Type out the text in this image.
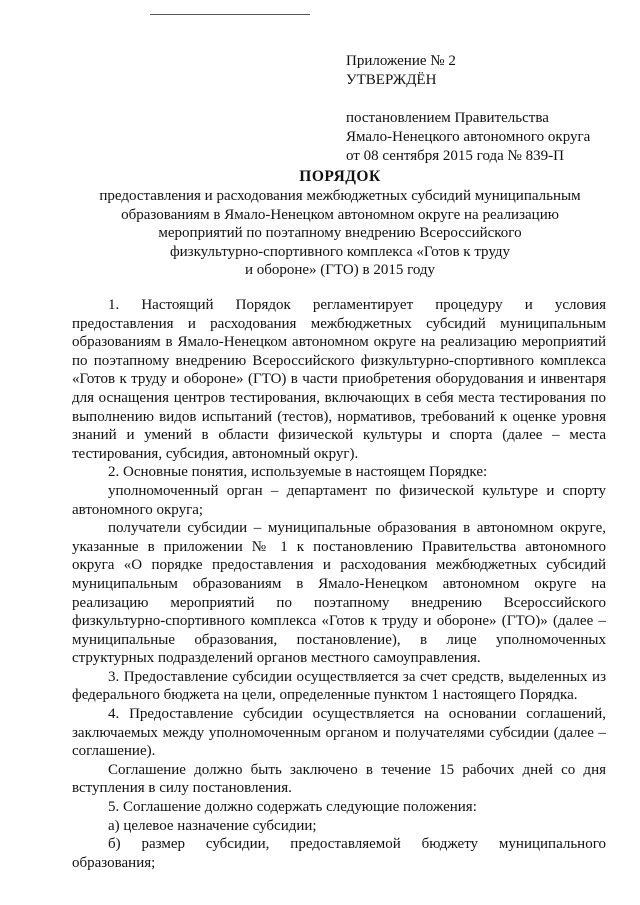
Приложение № 2
УТВЕРЖДЁН
постановлением Правительства
Ямало-Ненецкого автономного округа
от 08 сентября 2015 года № 839-П
ПОРЯДОК
предоставления и расходования межбюджетных субсидий муниципальным
образованиям в Ямало-Ненецком автономном округе на реализацию
мероприятий по поэтапному внедрению Всероссийского
физкультурно-спортивного комплекса «Готов к труду
и обороне» (ГТО) в 2015 году
1. Настоящий Порядок регламентирует процедуру и условия
предоставления и расходования межбюджетных субсидий муниципальным
образованиям в Ямало-Ненецком автономном округе на реализацию мероприятий
по поэтапному внедрению Всероссийского физкультурно-спортивного комплекса
«Готов к труду и обороне» (ГТО) в части приобретения оборудования и инвентаря
для оснащения центров тестирования, включающих в себя места тестирования по
выполнению видов испытаний (тестов), нормативов, требований к оценке уровня
знаний и умений в области физической культуры и спорта (далее – места
тестирования, субсидия, автономный округ).
2. Основные понятия, используемые в настоящем Порядке:
уполномоченный орган – департамент по физической культуре и спорту
автономного округа;
получатели субсидии – муниципальные образования в автономном округе,
указанные в приложении № 1 к постановлению Правительства автономного
округа «О порядке предоставления и расходования межбюджетных субсидий
муниципальным образованиям в Ямало-Ненецком автономном округе на
реализацию мероприятий по поэтапному внедрению Всероссийского
физкультурно-спортивного комплекса «Готов к труду и обороне» (ГТО)» (далее –
муниципальные образования, постановление), в лице уполномоченных
структурных подразделений органов местного самоуправления.
3. Предоставление субсидии осуществляется за счет средств, выделенных из
федерального бюджета на цели, определенные пунктом 1 настоящего Порядка.
4. Предоставление субсидии осуществляется на основании соглашений,
заключаемых между уполномоченным органом и получателями субсидии (далее –
соглашение).
Соглашение должно быть заключено в течение 15 рабочих дней со дня
вступления в силу постановления.
5. Соглашение должно содержать следующие положения:
а) целевое назначение субсидии;
б) размер субсидии, предоставляемой бюджету муниципального
образования;
